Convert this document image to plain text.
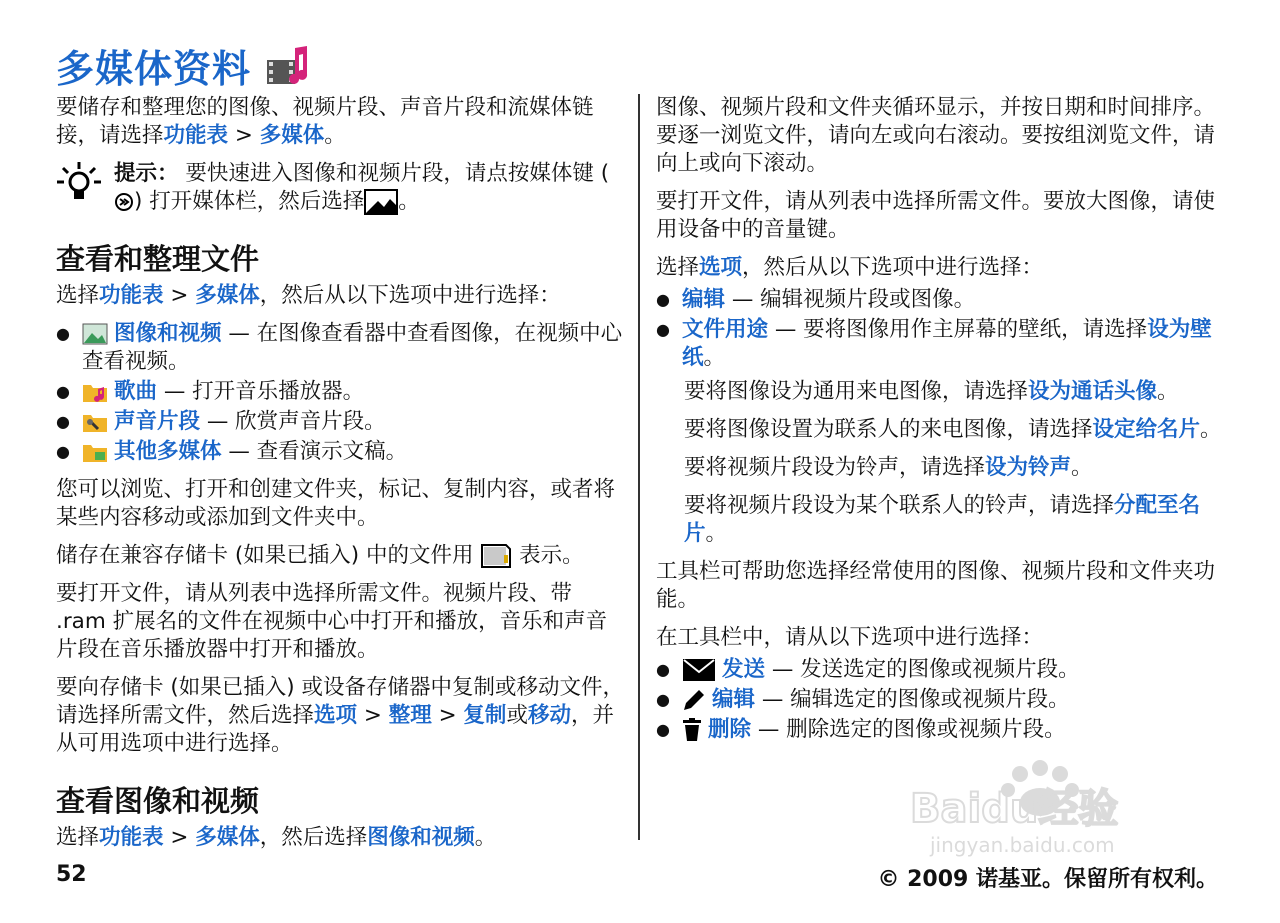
多媒体资料

要储存和整理您的图像、视频片段、声音片段和流媒体链接，请选择功能表 > 多媒体。

提示： 要快速进入图像和视频片段，请点按媒体键 () 打开媒体栏，然后选择 。
查看和整理文件

选择功能表 > 多媒体，然后从以下选项中进行选择：

● 图像和视频 — 在图像查看器中查看图像，在视频中心查看视频。
● 歌曲 — 打开音乐播放器。
● 声音片段 — 欣赏声音片段。
● 其他多媒体 — 查看演示文稿。

您可以浏览、打开和创建文件夹，标记、复制内容，或者将某些内容移动或添加到文件夹中。

储存在兼容存储卡 (如果已插入) 中的文件用 表示。

要打开文件，请从列表中选择所需文件。视频片段、带 .ram 扩展名的文件在视频中心中打开和播放，音乐和声音片段在音乐播放器中打开和播放。

要向存储卡 (如果已插入) 或设备存储器中复制或移动文件，请选择所需文件，然后选择选项 > 整理 > 复制或移动，并从可用选项中进行选择。

查看图像和视频

选择功能表 > 多媒体，然后选择图像和视频。

图像、视频片段和文件夹循环显示，并按日期和时间排序。要逐一浏览文件，请向左或向右滚动。要按组浏览文件，请向上或向下滚动。

要打开文件，请从列表中选择所需文件。要放大图像，请使用设备中的音量键。

选择选项，然后从以下选项中进行选择：

● 编辑 — 编辑视频片段或图像。
● 文件用途 — 要将图像用作主屏幕的壁纸，请选择设为壁纸。

要将图像设为通用来电图像，请选择设为通话头像。

要将图像设置为联系人的来电图像，请选择设定给名片。

要将视频片段设为铃声，请选择设为铃声。

要将视频片段设为某个联系人的铃声，请选择分配至名片。

工具栏可帮助您选择经常使用的图像、视频片段和文件夹功能。

在工具栏中，请从以下选项中进行选择：

● 发送 — 发送选定的图像或视频片段。
● 编辑 — 编辑选定的图像或视频片段。
● 删除 — 删除选定的图像或视频片段。
Baidu经验
jingyan.baidu.com
52	© 2009 诺基亚。保留所有权利。
